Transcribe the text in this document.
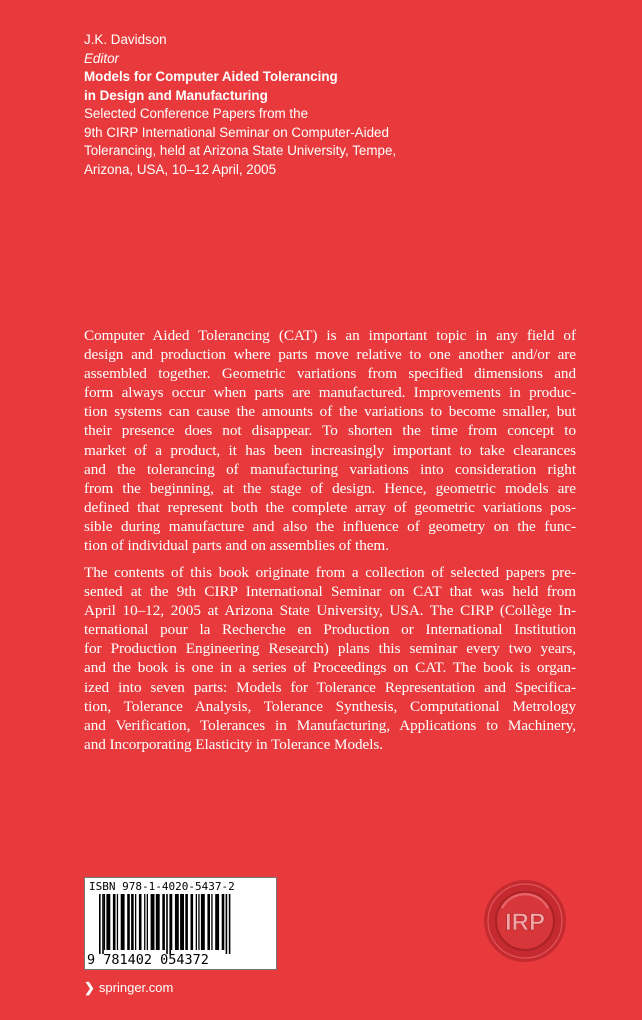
J.K. Davidson
Editor
Models for Computer Aided Tolerancing
in Design and Manufacturing
Selected Conference Papers from the
9th CIRP International Seminar on Computer-Aided
Tolerancing, held at Arizona State University, Tempe,
Arizona, USA, 10–12 April, 2005
Computer Aided Tolerancing (CAT) is an important topic in any field of
design and production where parts move relative to one another and/or are
assembled together. Geometric variations from specified dimensions and
form always occur when parts are manufactured. Improvements in produc-
tion systems can cause the amounts of the variations to become smaller, but
their presence does not disappear. To shorten the time from concept to
market of a product, it has been increasingly important to take clearances
and the tolerancing of manufacturing variations into consideration right
from the beginning, at the stage of design. Hence, geometric models are
defined that represent both the complete array of geometric variations pos-
sible during manufacture and also the influence of geometry on the func-
tion of individual parts and on assemblies of them.
The contents of this book originate from a collection of selected papers pre-
sented at the 9th CIRP International Seminar on CAT that was held from
April 10–12, 2005 at Arizona State University, USA. The CIRP (Collège In-
ternational pour la Recherche en Production or International Institution
for Production Engineering Research) plans this seminar every two years,
and the book is one in a series of Proceedings on CAT. The book is organ-
ized into seven parts: Models for Tolerance Representation and Specifica-
tion, Tolerance Analysis, Tolerance Synthesis, Computational Metrology
and Verification, Tolerances in Manufacturing, Applications to Machinery,
and Incorporating Elasticity in Tolerance Models.
ISBN 978-1-4020-5437-2
9 781402 054372
❯ springer.com
IRP
